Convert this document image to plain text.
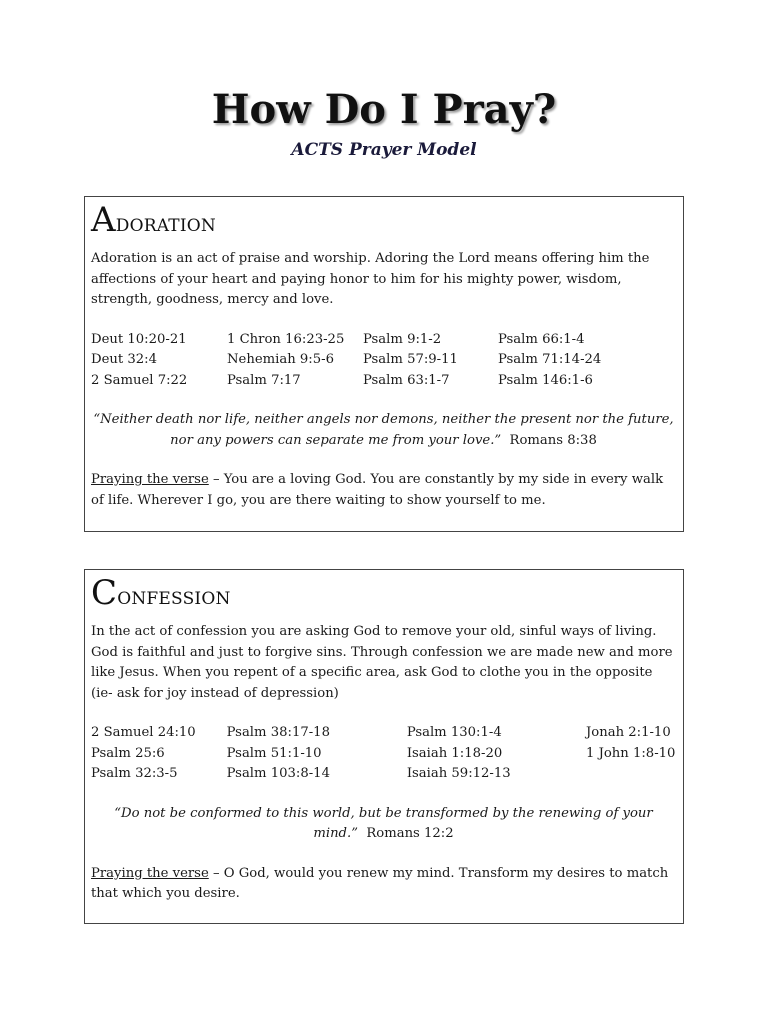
How Do I Pray?
ACTS Prayer Model
ADORATION

Adoration is an act of praise and worship. Adoring the Lord means offering him the affections of your heart and paying honor to him for his mighty power, wisdom, strength, goodness, mercy and love.

Deut 10:20-21	1 Chron 16:23-25	Psalm 9:1-2	Psalm 66:1-4
Deut 32:4	Nehemiah 9:5-6	Psalm 57:9-11	Psalm 71:14-24
2 Samuel 7:22	Psalm 7:17	Psalm 63:1-7	Psalm 146:1-6
“Neither death nor life, neither angels nor demons, neither the present nor the future, nor any powers can separate me from your love.” Romans 8:38
Praying the verse – You are a loving God. You are constantly by my side in every walk of life. Wherever I go, you are there waiting to show yourself to me.
CONFESSION

In the act of confession you are asking God to remove your old, sinful ways of living. God is faithful and just to forgive sins. Through confession we are made new and more like Jesus. When you repent of a specific area, ask God to clothe you in the opposite (ie- ask for joy instead of depression)

2 Samuel 24:10	Psalm 38:17-18	Psalm 130:1-4	Jonah 2:1-10
Psalm 25:6	Psalm 51:1-10	Isaiah 1:18-20	1 John 1:8-10
Psalm 32:3-5	Psalm 103:8-14	Isaiah 59:12-13	
“Do not be conformed to this world, but be transformed by the renewing of your mind.” Romans 12:2
Praying the verse – O God, would you renew my mind. Transform my desires to match that which you desire.
